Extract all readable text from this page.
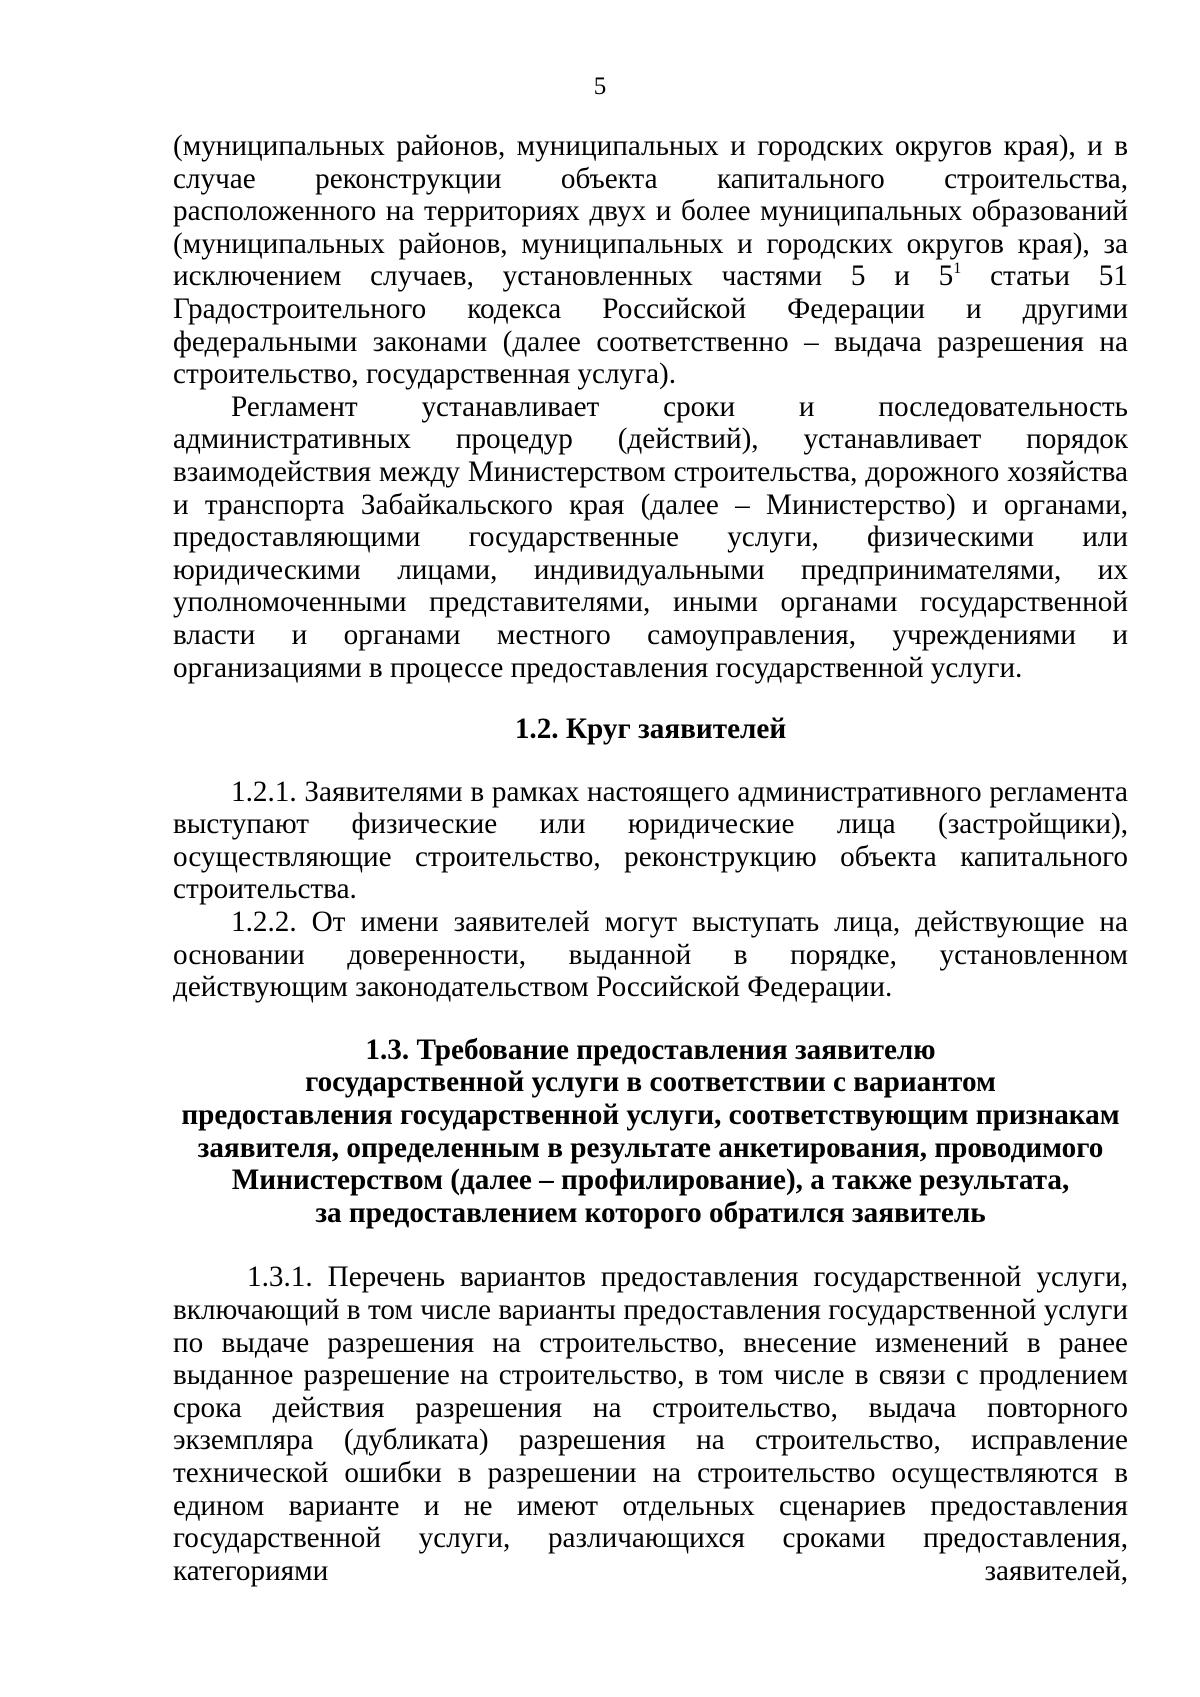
5

(муниципальных районов, муниципальных и городских округов края), и в случае реконструкции объекта капитального строительства, расположенного на территориях двух и более муниципальных образований (муниципальных районов, муниципальных и городских округов края), за исключением случаев, установленных частями 5 и $5^1$ статьи 51 Градостроительного кодекса Российской Федерации и другими федеральными законами (далее соответственно – выдача разрешения на строительство, государственная услуга).

Регламент устанавливает сроки и последовательность административных процедур (действий), устанавливает порядок взаимодействия между Министерством строительства, дорожного хозяйства и транспорта Забайкальского края (далее – Министерство) и органами, предоставляющими государственные услуги, физическими или юридическими лицами, индивидуальными предпринимателями, их уполномоченными представителями, иными органами государственной власти и органами местного самоуправления, учреждениями и организациями в процессе предоставления государственной услуги.

1.2. Круг заявителей

1.2.1. Заявителями в рамках настоящего административного регламента выступают физические или юридические лица (застройщики), осуществляющие строительство, реконструкцию объекта капитального строительства.

1.2.2. От имени заявителей могут выступать лица, действующие на основании доверенности, выданной в порядке, установленном действующим законодательством Российской Федерации.

1.3. Требование предоставления заявителю

государственной услуги в соответствии с вариантом

предоставления государственной услуги, соответствующим признакам

заявителя, определенным в результате анкетирования, проводимого

Министерством (далее – профилирование), а также результата,

за предоставлением которого обратился заявитель

1.3.1. Перечень вариантов предоставления государственной услуги, включающий в том числе варианты предоставления государственной услуги по выдаче разрешения на строительство, внесение изменений в ранее выданное разрешение на строительство, в том числе в связи с продлением срока действия разрешения на строительство, выдача повторного экземпляра (дубликата) разрешения на строительство, исправление технической ошибки в разрешении на строительство осуществляются в едином варианте и не имеют отдельных сценариев предоставления государственной услуги, различающихся сроками предоставления, категориями заявителей,
